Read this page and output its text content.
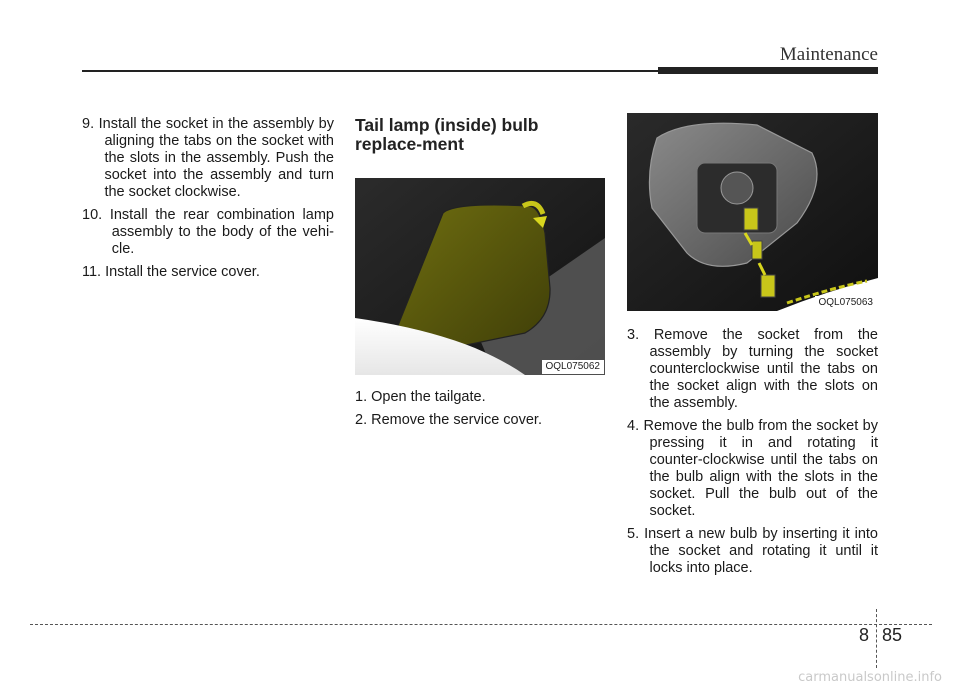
Maintenance
9. Install the socket in the assembly by aligning the tabs on the socket with the slots in the assembly. Push the socket into the assembly and turn the socket clockwise.
10. Install the rear combination lamp assembly to the body of the vehi-cle.
11. Install the service cover.
Tail lamp (inside) bulb replace-ment
OQL075062
1. Open the tailgate.
2. Remove the service cover.
OQL075063
3. Remove the socket from the assembly by turning the socket counterclockwise until the tabs on the socket align with the slots on the assembly.
4. Remove the bulb from the socket by pressing it in and rotating it counter-clockwise until the tabs on the bulb align with the slots in the socket. Pull the bulb out of the socket.
5. Insert a new bulb by inserting it into the socket and rotating it until it locks into place.
8 85
carmanualsonline.info
